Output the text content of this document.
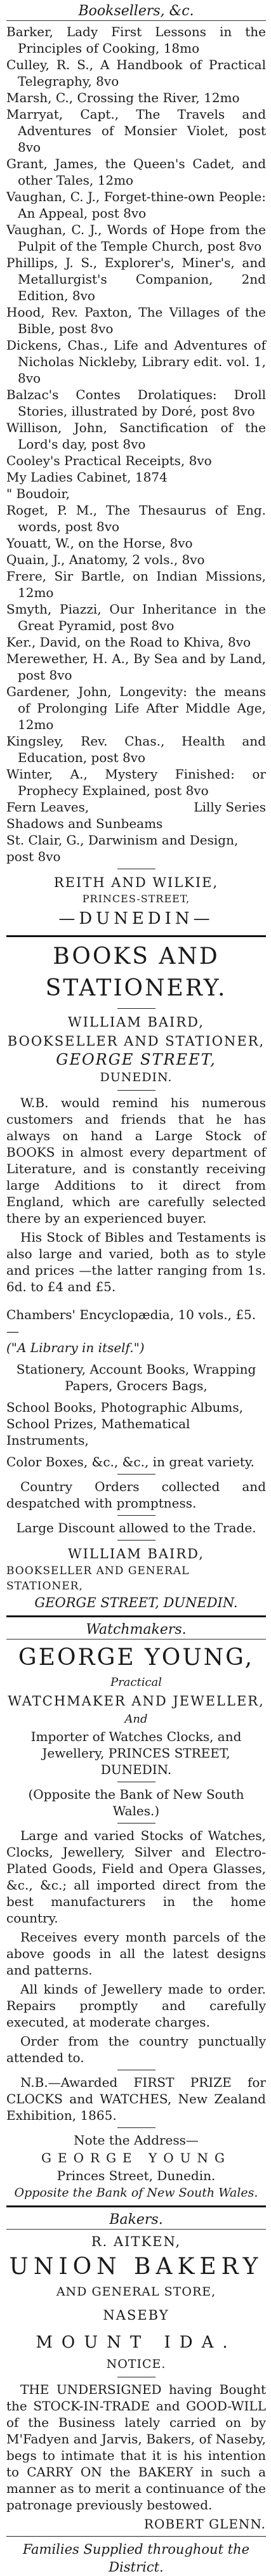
Booksellers, &c.
Barker, Lady First Lessons in the Principles of Cooking, 18mo
Culley, R. S., A Handbook of Practical Telegraphy, 8vo
Marsh, C., Crossing the River, 12mo
Marryat, Capt., The Travels and Adventures of Monsier Violet, post 8vo
Grant, James, the Queen's Cadet, and other Tales, 12mo
Vaughan, C. J., Forget-thine-own People: An Appeal, post 8vo
Vaughan, C. J., Words of Hope from the Pulpit of the Temple Church, post 8vo
Phillips, J. S., Explorer's, Miner's, and Metallurgist's Companion, 2nd Edition, 8vo
Hood, Rev. Paxton, The Villages of the Bible, post 8vo
Dickens, Chas., Life and Adventures of Nicholas Nickleby, Library edit. vol. 1, 8vo
Balzac's Contes Drolatiques: Droll Stories, illustrated by Doré, post 8vo
Willison, John, Sanctification of the Lord's day, post 8vo
Cooley's Practical Receipts, 8vo
My Ladies Cabinet, 1874
" Boudoir,
Roget, P. M., The Thesaurus of Eng. words, post 8vo
Youatt, W., on the Horse, 8vo
Quain, J., Anatomy, 2 vols., 8vo
Frere, Sir Bartle, on Indian Missions, 12mo
Smyth, Piazzi, Our Inheritance in the Great Pyramid, post 8vo
Ker., David, on the Road to Khiva, 8vo
Merewether, H. A., By Sea and by Land, post 8vo
Gardener, John, Longevity: the means of Prolonging Life After Middle Age, 12mo
Kingsley, Rev. Chas., Health and Education, post 8vo
Winter, A., Mystery Finished: or Prophecy Explained, post 8vo
Fern Leaves,	Lilly Series
Shadows and Sunbeams
St. Clair, G., Darwinism and Design, post 8vo
REITH AND WILKIE,
PRINCES-STREET,
—DUNEDIN—
BOOKS AND STATIONERY.
WILLIAM BAIRD,
BOOKSELLER AND STATIONER,
GEORGE STREET,
DUNEDIN.
W.B. would remind his numerous customers and friends that he has always on hand a Large Stock of BOOKS in almost every department of Literature, and is constantly receiving large Additions to it direct from England, which are carefully selected there by an experienced buyer.
His Stock of Bibles and Testaments is also large and varied, both as to style and prices —the latter ranging from 1s. 6d. to £4 and £5.
Chambers' Encyclopædia, 10 vols., £5.—
("A Library in itself.")
Stationery, Account Books, Wrapping Papers, Grocers Bags,
School Books, Photographic Albums, School Prizes, Mathematical Instruments,
Color Boxes, &c., &c., in great variety.
Country Orders collected and despatched with promptness.
Large Discount allowed to the Trade.
WILLIAM BAIRD,
BOOKSELLER AND GENERAL STATIONER,
GEORGE STREET, DUNEDIN.
Watchmakers.
GEORGE YOUNG,
Practical
WATCHMAKER AND JEWELLER,
And
Importer of Watches Clocks, and Jewellery, PRINCES STREET, DUNEDIN.
(Opposite the Bank of New South Wales.)
Large and varied Stocks of Watches, Clocks, Jewellery, Silver and Electro-Plated Goods, Field and Opera Glasses, &c., &c.; all imported direct from the best manufacturers in the home country.
Receives every month parcels of the above goods in all the latest designs and patterns.
All kinds of Jewellery made to order. Repairs promptly and carefully executed, at moderate charges.
Order from the country punctually attended to.
N.B.—Awarded FIRST PRIZE for CLOCKS and WATCHES, New Zealand Exhibition, 1865.
Note the Address—
GEORGE YOUNG
Princes Street, Dunedin.
Opposite the Bank of New South Wales.
Bakers.
R. AITKEN,
UNION BAKERY
AND GENERAL STORE,
NASEBY
MOUNT IDA.
NOTICE.
THE UNDERSIGNED having Bought the STOCK-IN-TRADE and GOOD-WILL of the Business lately carried on by M'Fadyen and Jarvis, Bakers, of Naseby, begs to intimate that it is his intention to CARRY ON the BAKERY in such a manner as to merit a continuance of the patronage previously bestowed.
ROBERT GLENN.
Families Supplied throughout the District.
